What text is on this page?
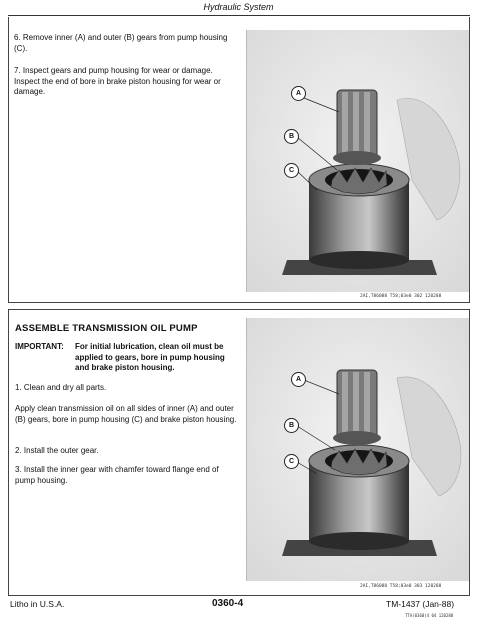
Hydraulic System
6. Remove inner (A) and outer (B) gears from pump housing (C).
7. Inspect gears and pump housing for wear or damage. Inspect the end of bore in brake piston housing for wear or damage.	A
B
C
2AI,T86088 T58;03e0 302 120288
ASSEMBLE TRANSMISSION OIL PUMP
IMPORTANT: For initial lubrication, clean oil must be applied to gears, bore in pump housing and brake piston housing.
1. Clean and dry all parts.
Apply clean transmission oil on all sides of inner (A) and outer (B) gears, bore in pump housing (C) and brake piston housing.
2. Install the outer gear.
3. Install the inner gear with chamfer toward flange end of pump housing.
A
B
C
2AI,T86088 T58;03e0 303 120288
Litho in U.S.A.	0360-4	TM-1437 (Jan-88)
TTA(0360)4 04 120288
